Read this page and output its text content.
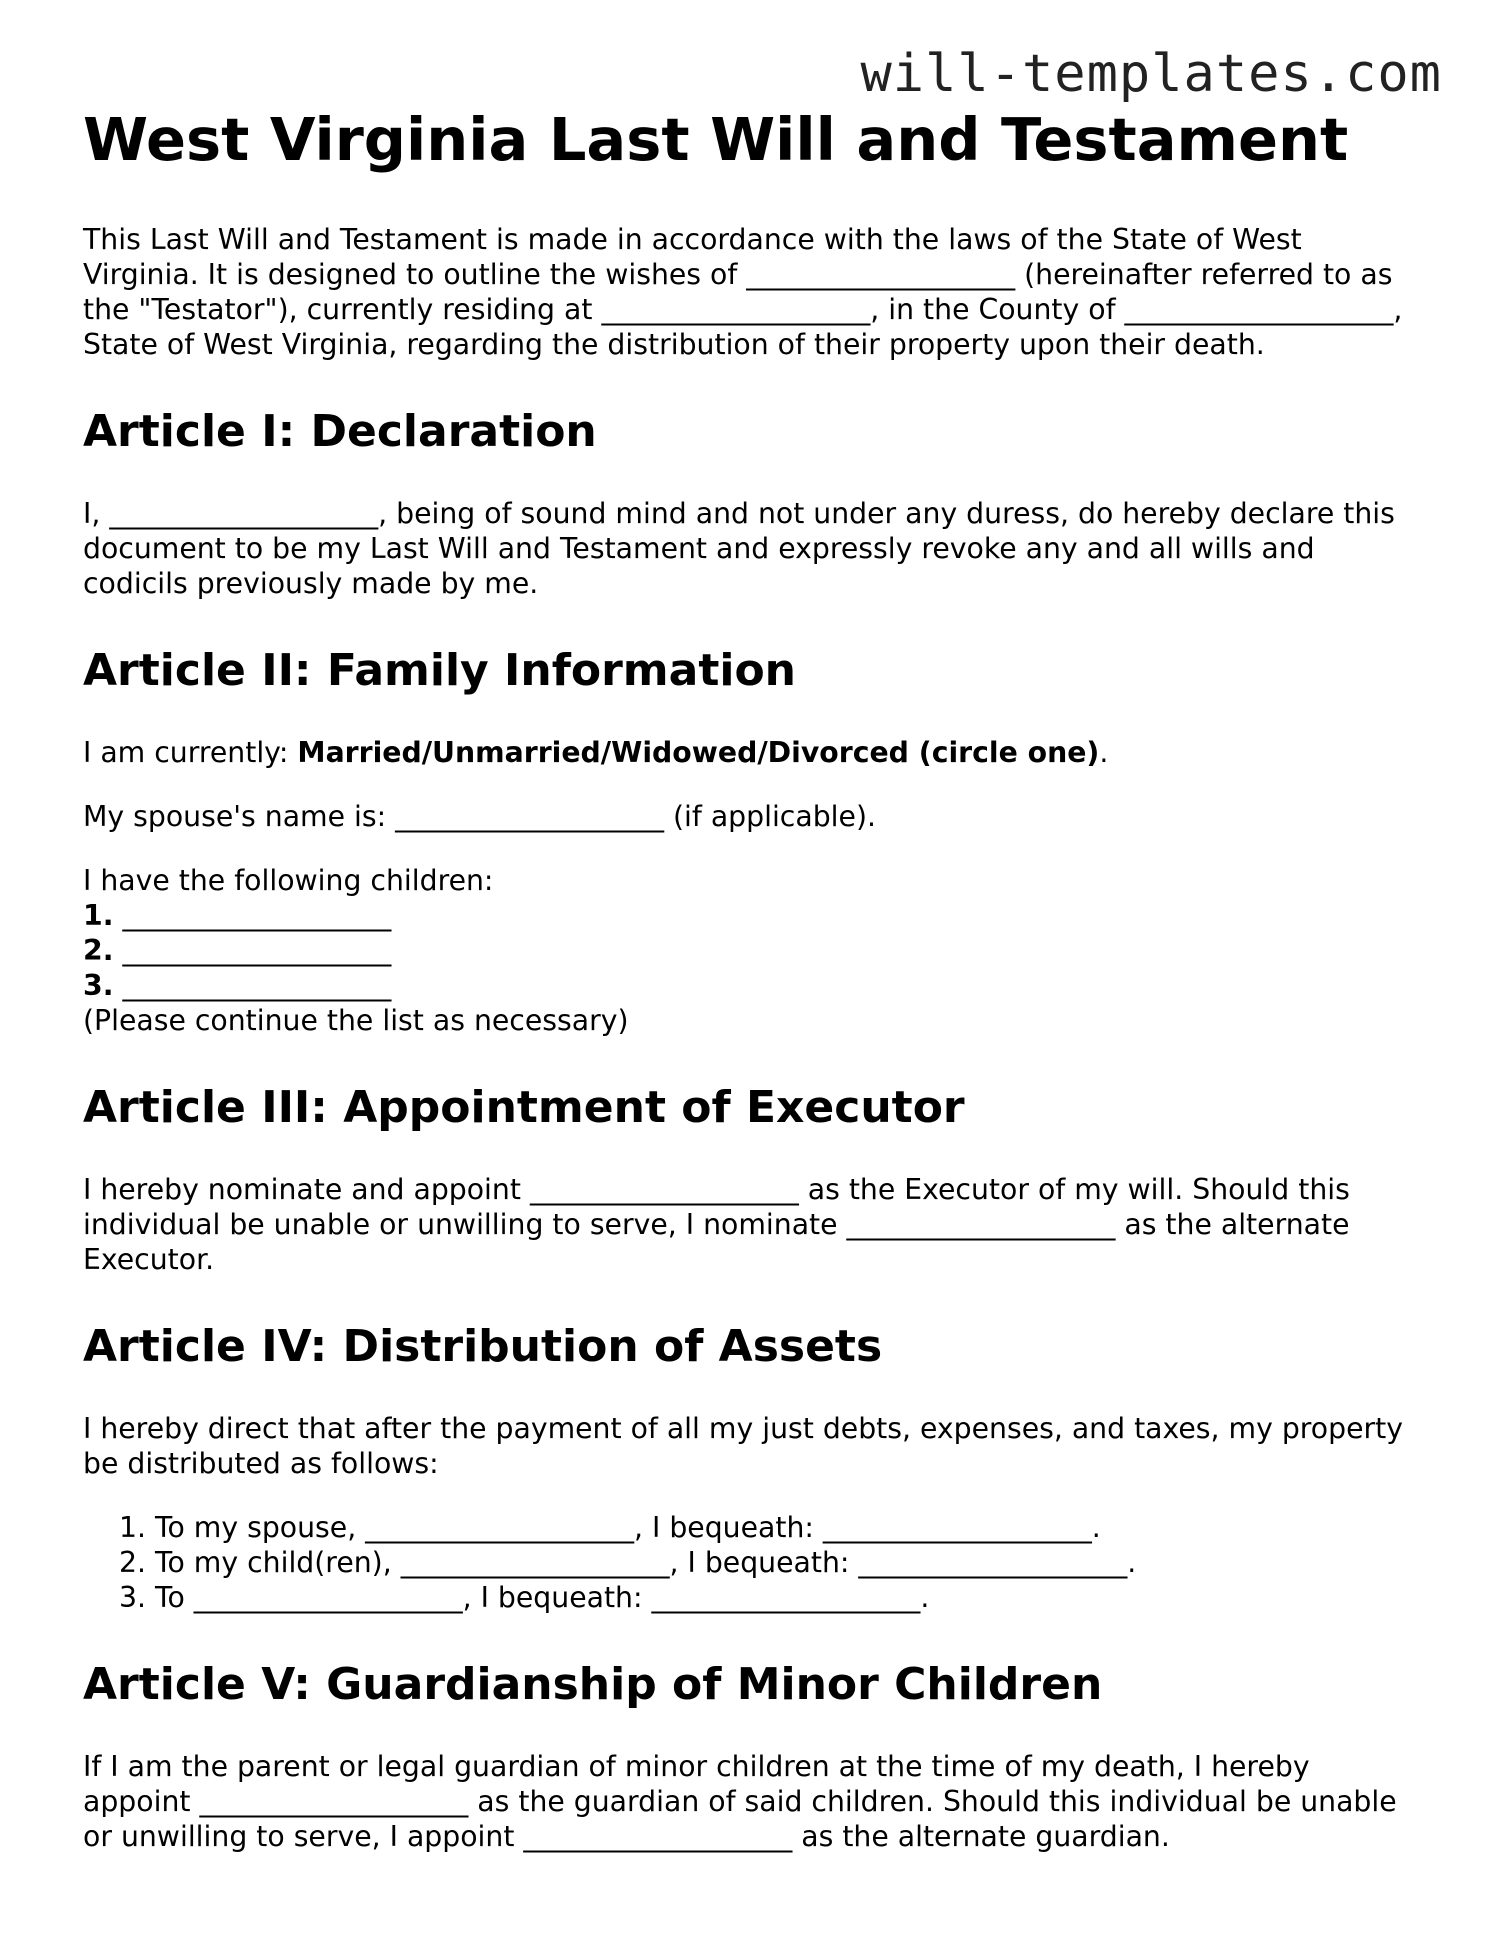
will-templates.com
West Virginia Last Will and Testament

This Last Will and Testament is made in accordance with the laws of the State of West Virginia. It is designed to outline the wishes of ___________________ (hereinafter referred to as the "Testator"), currently residing at ___________________, in the County of ___________________, State of West Virginia, regarding the distribution of their property upon their death.

Article I: Declaration

I, ___________________, being of sound mind and not under any duress, do hereby declare this document to be my Last Will and Testament and expressly revoke any and all wills and codicils previously made by me.

Article II: Family Information

I am currently: Married/Unmarried/Widowed/Divorced (circle one).

My spouse's name is: ___________________ (if applicable).

I have the following children:

1. ___________________

2. ___________________

3. ___________________

(Please continue the list as necessary)

Article III: Appointment of Executor

I hereby nominate and appoint ___________________ as the Executor of my will. Should this individual be unable or unwilling to serve, I nominate ___________________ as the alternate Executor.

Article IV: Distribution of Assets

I hereby direct that after the payment of all my just debts, expenses, and taxes, my property be distributed as follows:

1. To my spouse, ___________________, I bequeath: ___________________.
2. To my child(ren), ___________________, I bequeath: ___________________.
3. To ___________________, I bequeath: ___________________.
Article V: Guardianship of Minor Children

If I am the parent or legal guardian of minor children at the time of my death, I hereby appoint ___________________ as the guardian of said children. Should this individual be unable or unwilling to serve, I appoint ___________________ as the alternate guardian.
